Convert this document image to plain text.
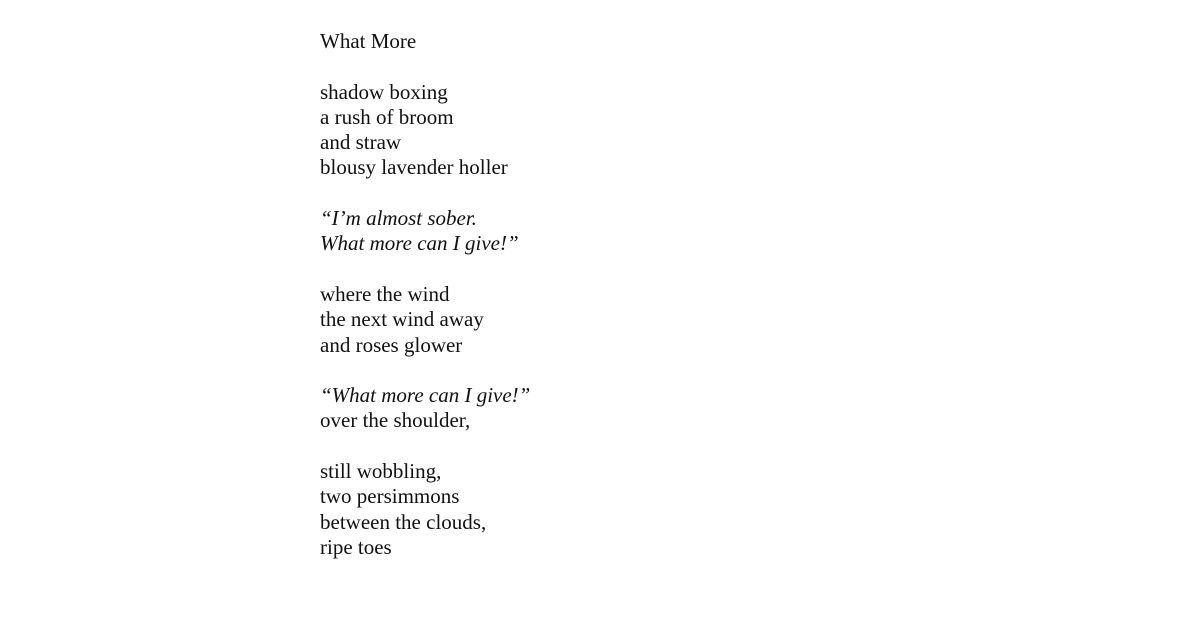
What More
shadow boxing
a rush of broom
and straw
blousy lavender holler
“I’m almost sober.
What more can I give!”
where the wind
the next wind away
and roses glower
“What more can I give!”
over the shoulder,
still wobbling,
two persimmons
between the clouds,
ripe toes
